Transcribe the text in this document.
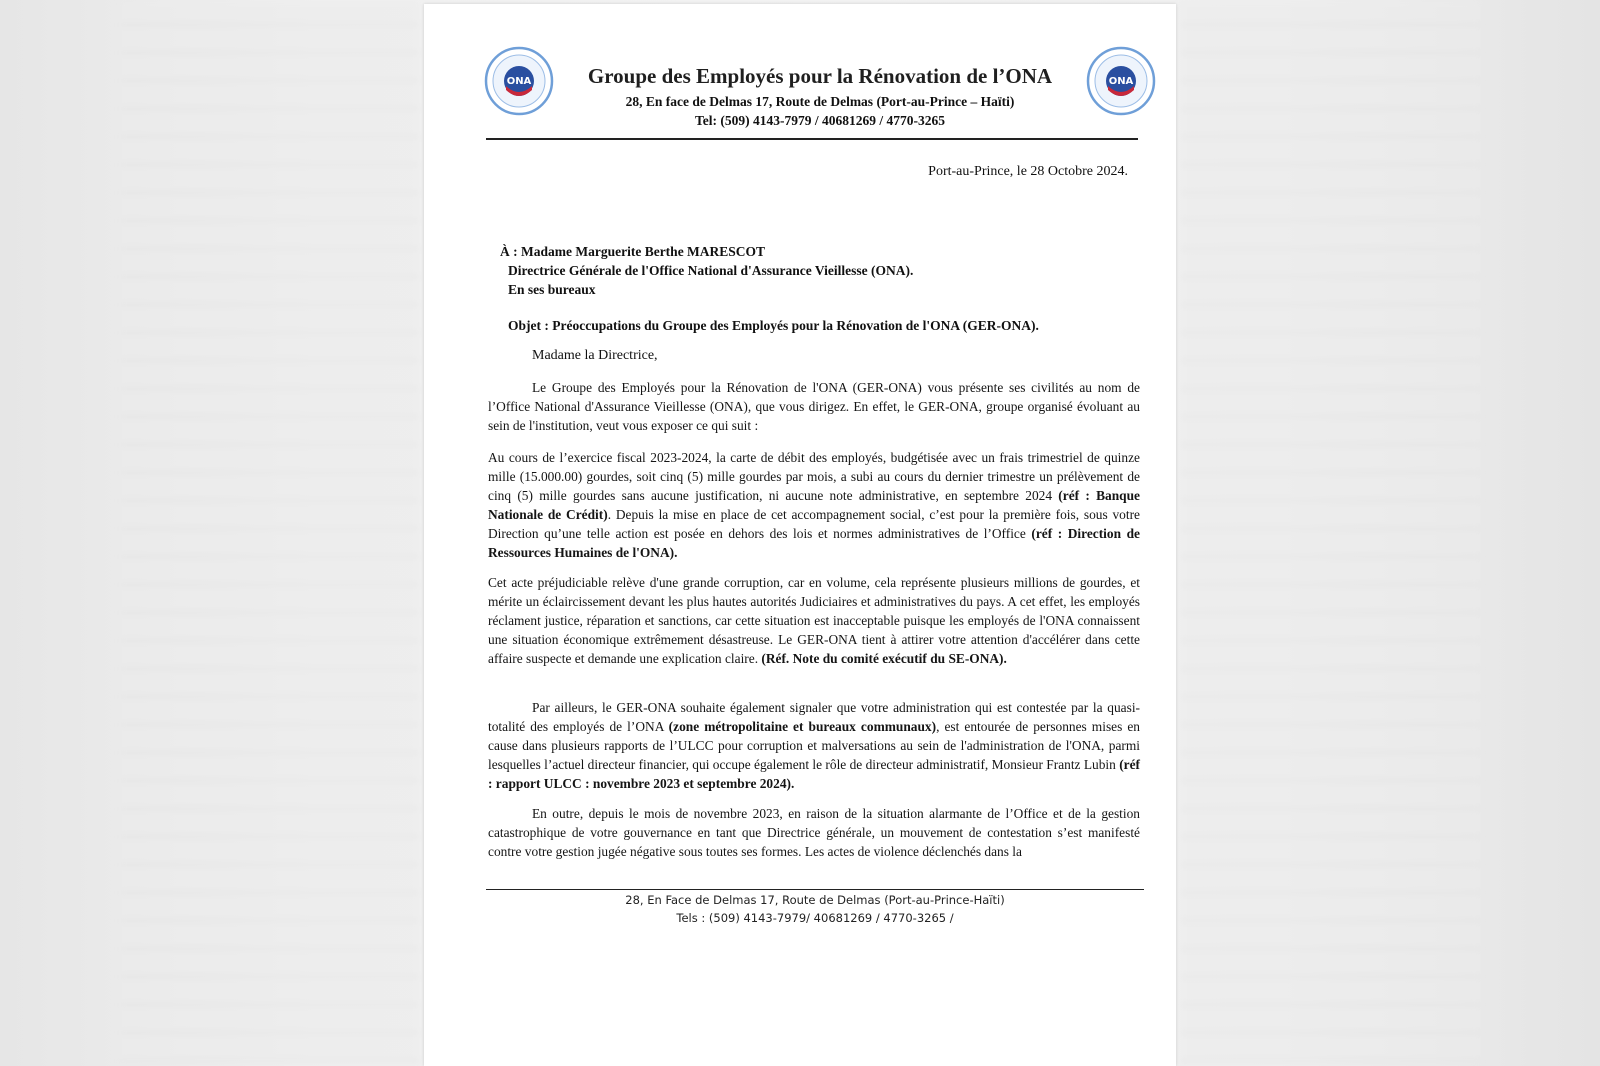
ONA	Groupe des Employés pour la Rénovation de l’ONA
28, En face de Delmas 17, Route de Delmas (Port-au-Prince – Haïti)
Tel: (509) 4143-7979 / 40681269 / 4770-3265
ONA
Port-au-Prince, le 28 Octobre 2024.
À : Madame Marguerite Berthe MARESCOT
Directrice Générale de l'Office National d'Assurance Vieillesse (ONA).
En ses bureaux
Objet : Préoccupations du Groupe des Employés pour la Rénovation de l'ONA (GER-ONA).
Madame la Directrice,

Le Groupe des Employés pour la Rénovation de l'ONA (GER-ONA) vous présente ses civilités au nom de l’Office National d'Assurance Vieillesse (ONA), que vous dirigez. En effet, le GER-ONA, groupe organisé évoluant au sein de l'institution, veut vous exposer ce qui suit :

Au cours de l’exercice fiscal 2023-2024, la carte de débit des employés, budgétisée avec un frais trimestriel de quinze mille (15.000.00) gourdes, soit cinq (5) mille gourdes par mois, a subi au cours du dernier trimestre un prélèvement de cinq (5) mille gourdes sans aucune justification, ni aucune note administrative, en septembre 2024 (réf : Banque Nationale de Crédit). Depuis la mise en place de cet accompagnement social, c’est pour la première fois, sous votre Direction qu’une telle action est posée en dehors des lois et normes administratives de l’Office (réf : Direction de Ressources Humaines de l'ONA).

Cet acte préjudiciable relève d'une grande corruption, car en volume, cela représente plusieurs millions de gourdes, et mérite un éclaircissement devant les plus hautes autorités Judiciaires et administratives du pays. A cet effet, les employés réclament justice, réparation et sanctions, car cette situation est inacceptable puisque les employés de l'ONA connaissent une situation économique extrêmement désastreuse. Le GER-ONA tient à attirer votre attention d'accélérer dans cette affaire suspecte et demande une explication claire. (Réf. Note du comité exécutif du SE-ONA).

Par ailleurs, le GER-ONA souhaite également signaler que votre administration qui est contestée par la quasi-totalité des employés de l’ONA (zone métropolitaine et bureaux communaux), est entourée de personnes mises en cause dans plusieurs rapports de l’ULCC pour corruption et malversations au sein de l'administration de l'ONA, parmi lesquelles l’actuel directeur financier, qui occupe également le rôle de directeur administratif, Monsieur Frantz Lubin (réf : rapport ULCC : novembre 2023 et septembre 2024).

En outre, depuis le mois de novembre 2023, en raison de la situation alarmante de l’Office et de la gestion catastrophique de votre gouvernance en tant que Directrice générale, un mouvement de contestation s’est manifesté contre votre gestion jugée négative sous toutes ses formes. Les actes de violence déclenchés dans la

28, En Face de Delmas 17, Route de Delmas (Port-au-Prince-Haïti)
Tels : (509) 4143-7979/ 40681269 / 4770-3265 /
